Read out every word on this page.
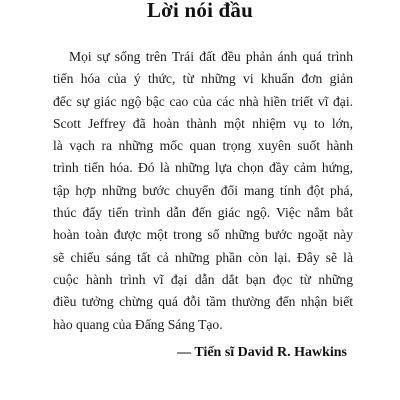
Lời nói đầu
Mọi sự sống trên Trái đất đều phản ánh quá trình
tiến hóa của ý thức, từ những vi khuẩn đơn giản
đếc sự giác ngộ bậc cao của các nhà hiền triết vĩ đại.
Scott Jeffrey đã hoàn thành một nhiệm vụ to lớn,
là vạch ra những mốc quan trọng xuyên suốt hành
trình tiến hóa. Đó là những lựa chọn đầy cảm hứng,
tập hợp những bước chuyển đổi mang tính đột phá,
thúc đẩy tiến trình dẫn đến giác ngộ. Việc nắm bắt
hoàn toàn được một trong số những bước ngoặt này
sẽ chiếu sáng tất cả những phần còn lại. Đây sẽ là
cuộc hành trình vĩ đại dẫn dắt bạn đọc từ những
điều tưởng chừng quá đỗi tầm thường đến nhận biết
hào quang của Đấng Sáng Tạo.
— Tiến sĩ David R. Hawkins
